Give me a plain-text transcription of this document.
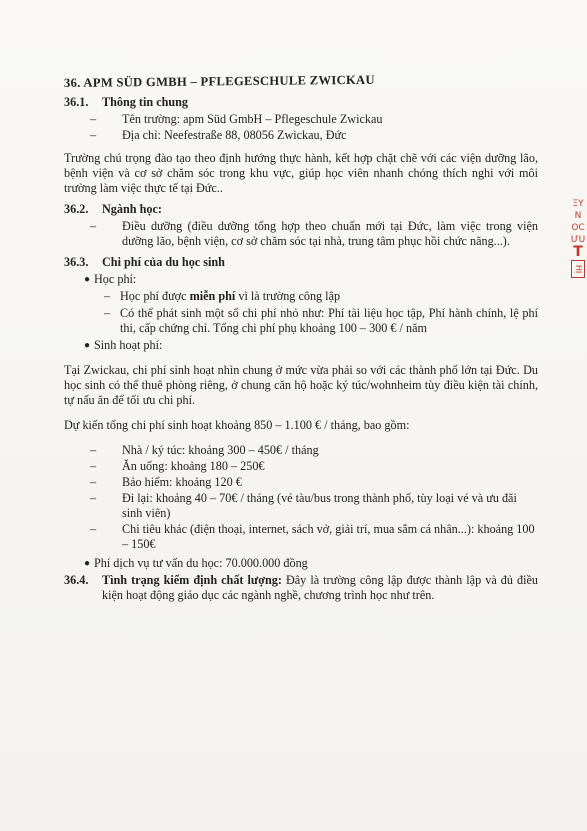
36. APM SÜD GMBH – PFLEGESCHULE ZWICKAU
36.1. Thông tin chung
– Tên trường: apm Süd GmbH – Pflegeschule Zwickau
– Địa chỉ: Neefestraße 88, 08056 Zwickau, Đức
Trường chú trọng đào tạo theo định hướng thực hành, kết hợp chặt chẽ với các viện dưỡng lão, bệnh viện và cơ sở chăm sóc trong khu vực, giúp học viên nhanh chóng thích nghi với môi trường làm việc thực tế tại Đức..
36.2. Ngành học:
– Điều dưỡng (điều dưỡng tổng hợp theo chuẩn mới tại Đức, làm việc trong viện dưỡng lão, bệnh viện, cơ sở chăm sóc tại nhà, trung tâm phục hồi chức năng...).
36.3. Chi phí của du học sinh
● Học phí:
– Học phí được miễn phí vì là trường công lập
– Có thể phát sinh một số chi phí nhỏ như: Phí tài liệu học tập, Phí hành chính, lệ phí thi, cấp chứng chỉ. Tổng chi phí phụ khoảng 100 – 300 € / năm
● Sinh hoạt phí:
Tại Zwickau, chi phí sinh hoạt nhìn chung ở mức vừa phải so với các thành phố lớn tại Đức. Du học sinh có thể thuê phòng riêng, ở chung căn hộ hoặc ký túc/wohnheim tùy điều kiện tài chính, tự nấu ăn để tối ưu chi phí.
Dự kiến tổng chi phí sinh hoạt khoảng 850 – 1.100 € / tháng, bao gồm:
– Nhà / ký túc: khoảng 300 – 450€ / tháng
– Ăn uống: khoảng 180 – 250€
– Bảo hiểm: khoảng 120 €
– Đi lại: khoảng 40 – 70€ / tháng (vé tàu/bus trong thành phố, tùy loại vé và ưu đãi sinh viên)
– Chi tiêu khác (điện thoại, internet, sách vở, giải trí, mua sắm cá nhân...): khoảng 100 – 150€
● Phí dịch vụ tư vấn du học: 70.000.000 đồng
36.4. Tình trạng kiểm định chất lượng: Đây là trường công lập được thành lập và đủ điều kiện hoạt động giáo dục các ngành nghề, chương trình học như trên.
ΞΥ
N
OC
ƯU
T
HỊ
